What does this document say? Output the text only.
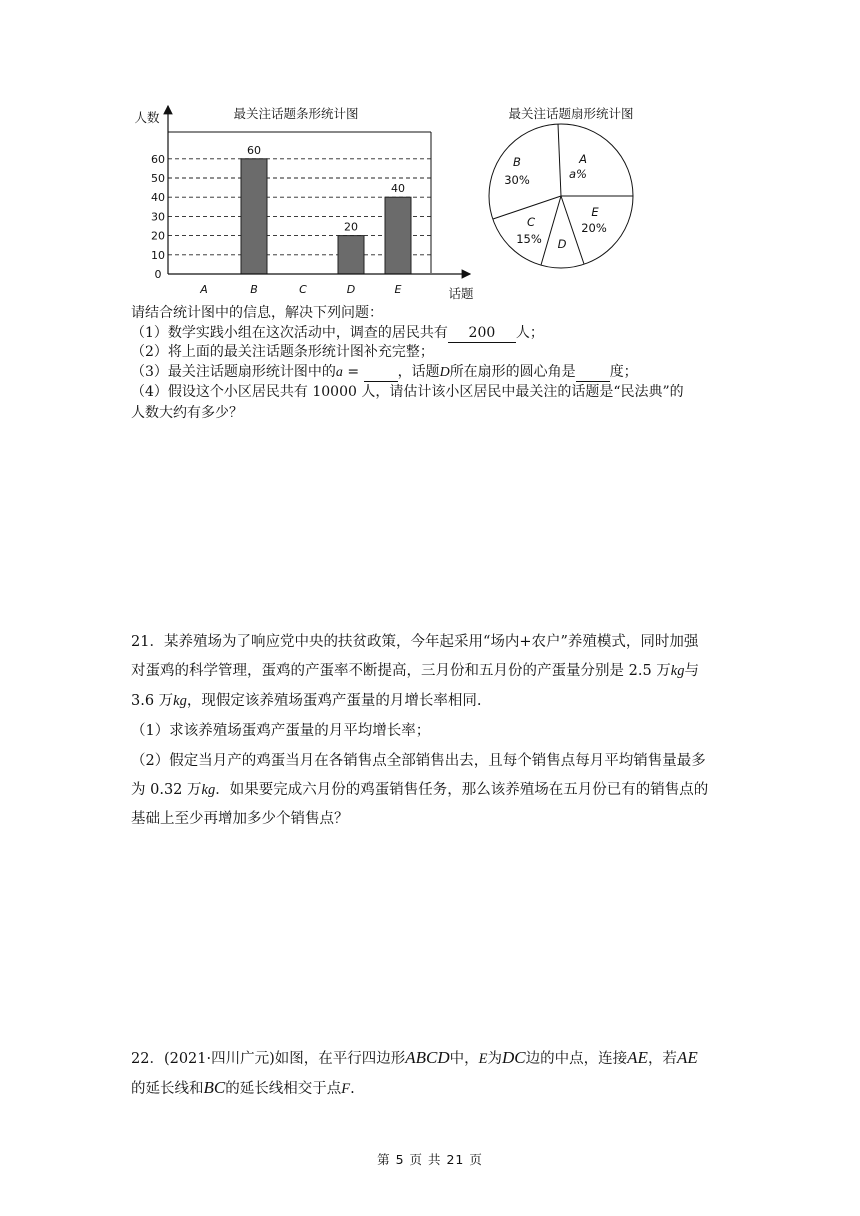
最关注话题条形统计图
人数
话题
0
10
20
30
40
50
60
60
20
40
A	B	C	D	E
最关注话题扇形统计图
A
a%
B
30%
C
15% D
E
20%
请结合统计图中的信息，解决下列问题：
（1）数学实践小组在这次活动中，调查的居民共有 200 人；
（2）将上面的最关注话题条形统计图补充完整；
（3）最关注话题扇形统计图中的a = ，话题D所在扇形的圆心角是 度；
（4）假设这个小区居民共有 10000 人，请估计该小区居民中最关注的话题是“民法典”的
人数大约有多少？
21．某养殖场为了响应党中央的扶贫政策，今年起采用“场内+农户”养殖模式，同时加强
对蛋鸡的科学管理，蛋鸡的产蛋率不断提高，三月份和五月份的产蛋量分别是 2.5 万kg与
3.6 万kg，现假定该养殖场蛋鸡产蛋量的月增长率相同.
（1）求该养殖场蛋鸡产蛋量的月平均增长率；
（2）假定当月产的鸡蛋当月在各销售点全部销售出去，且每个销售点每月平均销售量最多
为 0.32 万kg．如果要完成六月份的鸡蛋销售任务，那么该养殖场在五月份已有的销售点的
基础上至少再增加多少个销售点？
22．(2021·四川广元)如图，在平行四边形ABCD中，E为DC边的中点，连接AE，若AE
的延长线和BC的延长线相交于点F.
第 5 页 共 21 页
